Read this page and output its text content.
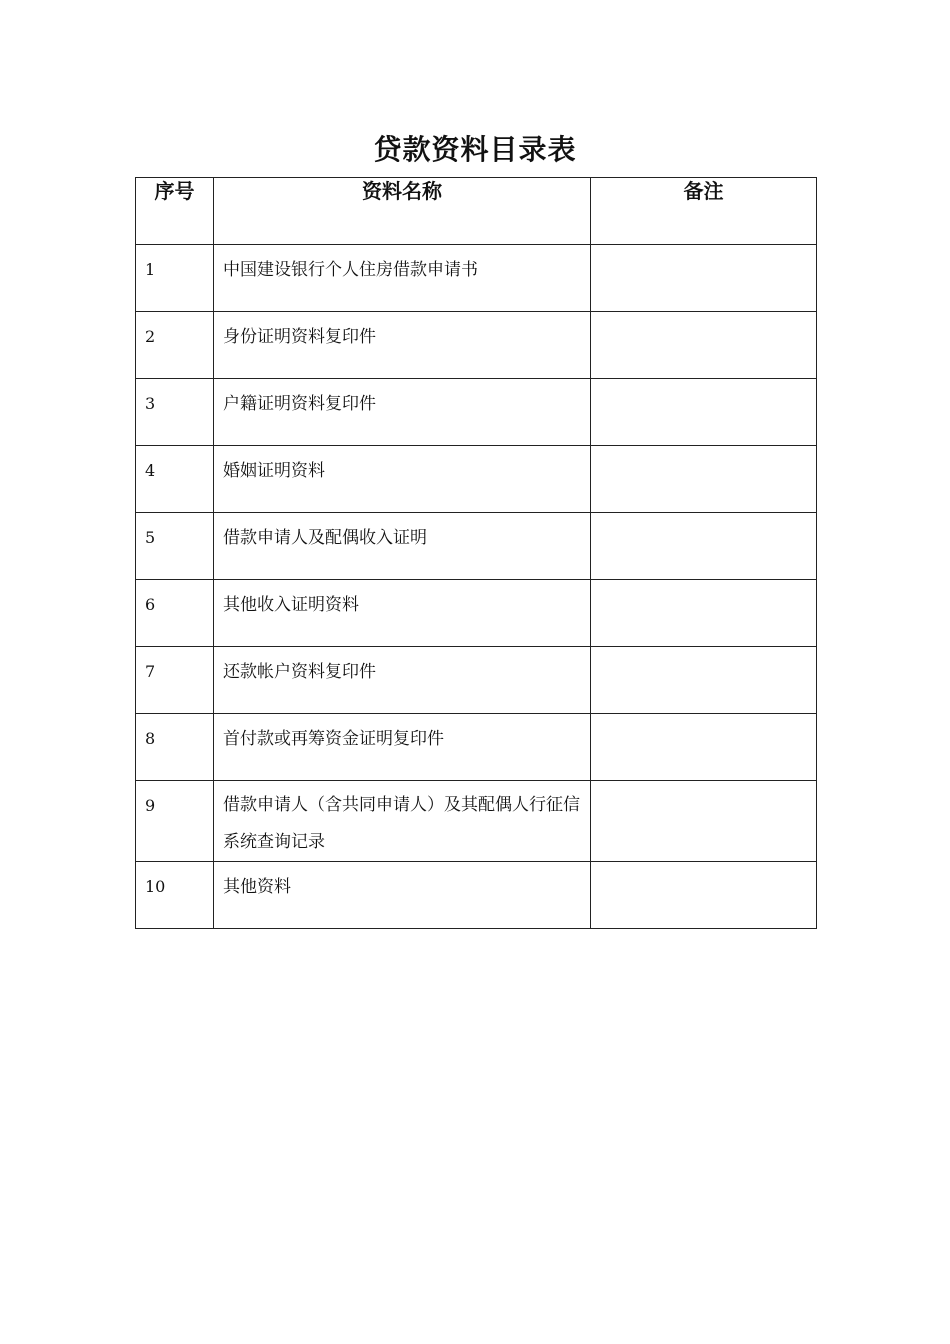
贷款资料目录表
序号	资料名称	备注
1	中国建设银行个人住房借款申请书	

2	身份证明资料复印件	

3	户籍证明资料复印件	

4	婚姻证明资料	

5	借款申请人及配偶收入证明	

6	其他收入证明资料	

7	还款帐户资料复印件	

8	首付款或再筹资金证明复印件	

9	借款申请人（含共同申请人）及其配偶人行征信系统查询记录	

10	其他资料	
